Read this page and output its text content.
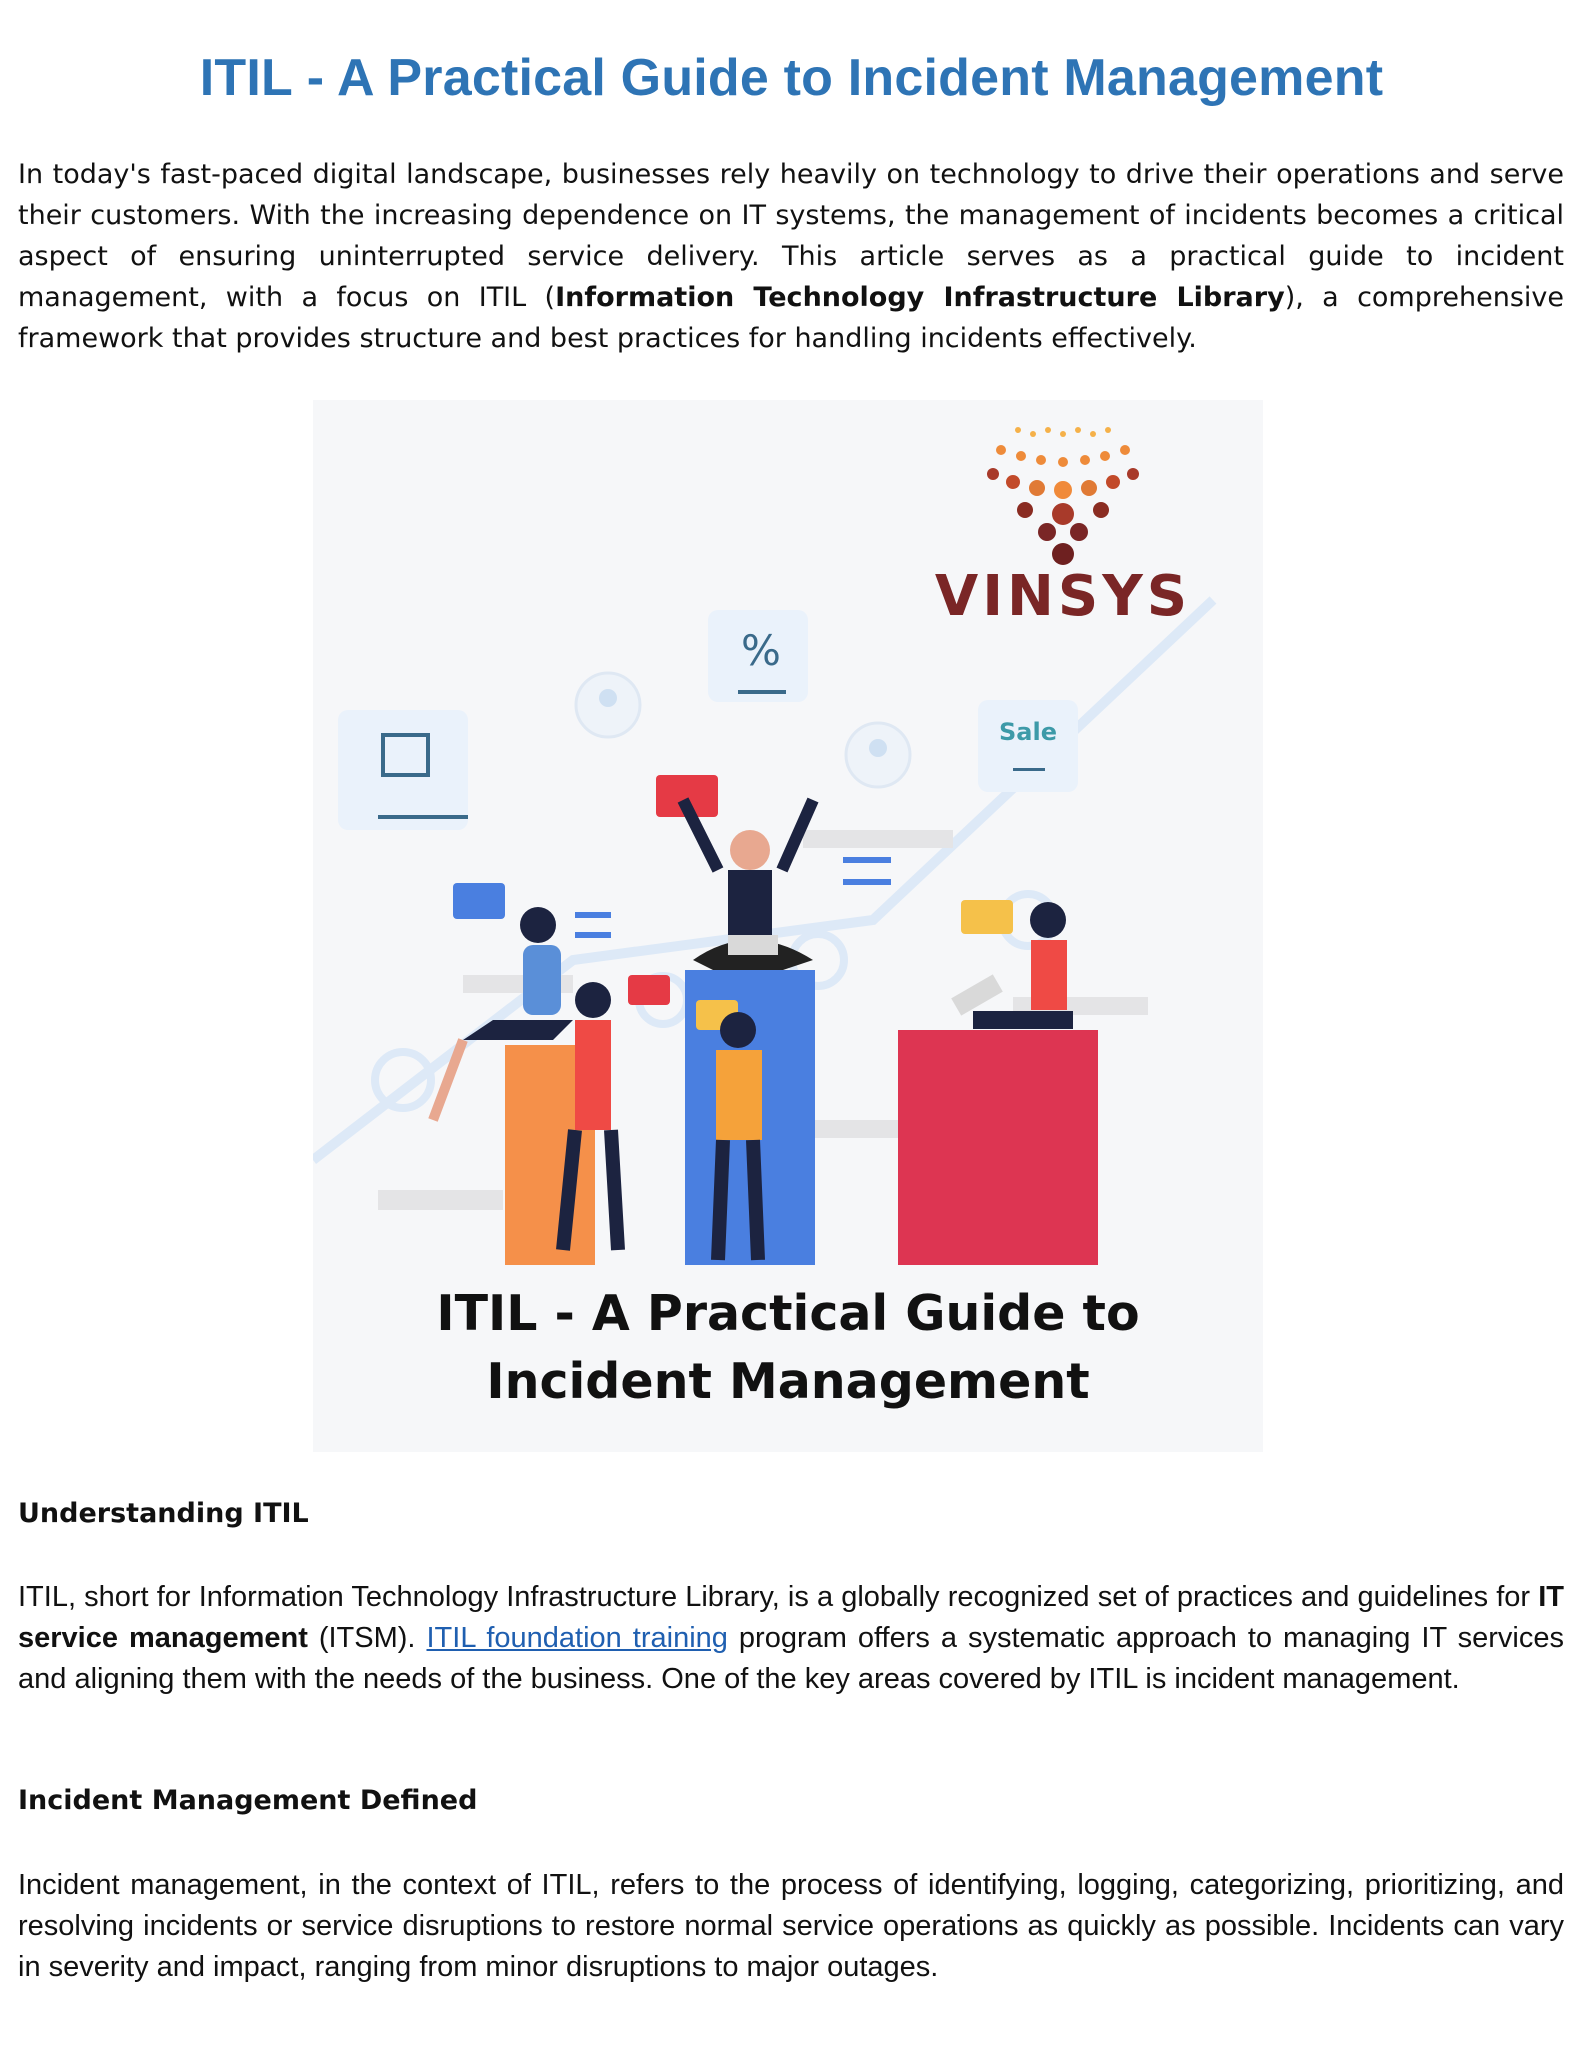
ITIL - A Practical Guide to Incident Management

In today's fast-paced digital landscape, businesses rely heavily on technology to drive their operations and serve their customers. With the increasing dependence on IT systems, the management of incidents becomes a critical aspect of ensuring uninterrupted service delivery. This article serves as a practical guide to incident management, with a focus on ITIL (Information Technology Infrastructure Library), a comprehensive framework that provides structure and best practices for handling incidents effectively.

VINSYS
%
Sale
ITIL - A Practical Guide to
Incident Management
Understanding ITIL

ITIL, short for Information Technology Infrastructure Library, is a globally recognized set of practices and guidelines for IT service management (ITSM). ITIL foundation training program offers a systematic approach to managing IT services and aligning them with the needs of the business. One of the key areas covered by ITIL is incident management.

Incident Management Defined

Incident management, in the context of ITIL, refers to the process of identifying, logging, categorizing, prioritizing, and resolving incidents or service disruptions to restore normal service operations as quickly as possible. Incidents can vary in severity and impact, ranging from minor disruptions to major outages.
